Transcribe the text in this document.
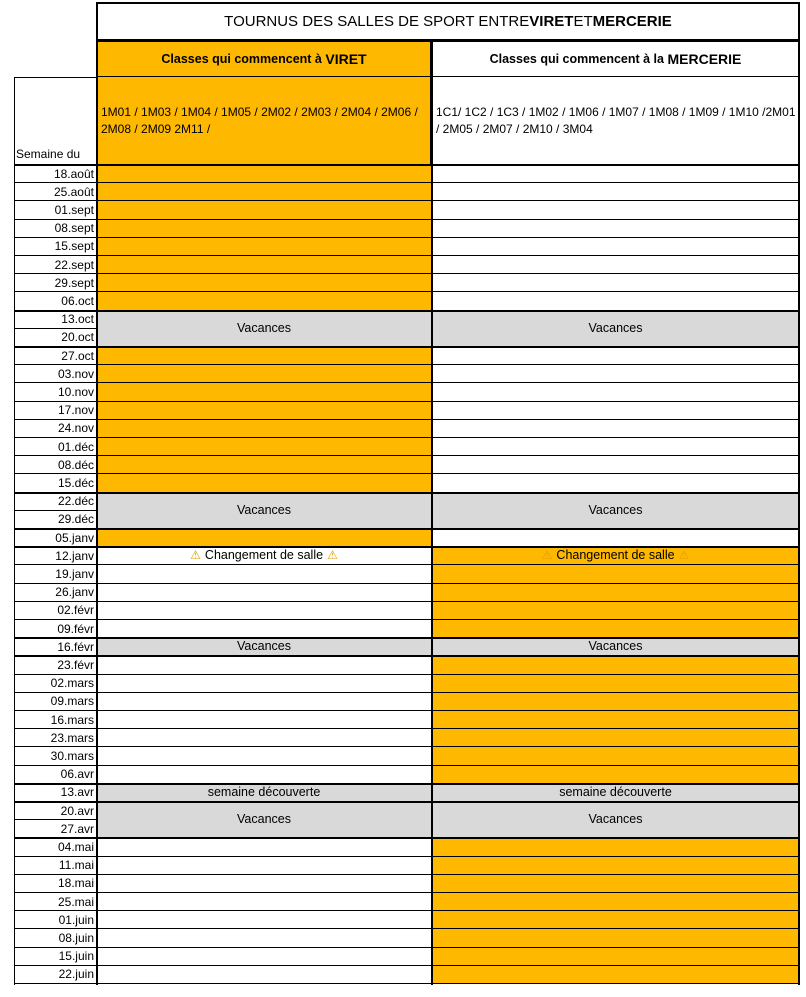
TOURNUS DES SALLES DE SPORT ENTRE VIRET ET MERCERIE
Classes qui commencent à
VIRET	Classes qui commencent à la
MERCERIE
1M01 / 1M03 / 1M04 / 1M05 / 2M02 / 2M03 / 2M04 / 2M06 / 2M08 / 2M09 2M11 /
1C1/ 1C2 / 1C3 / 1M02 / 1M06 / 1M07 / 1M08 / 1M09 / 1M10 /2M01 / 2M05 / 2M07 / 2M10 / 3M04
Semaine du
Vacances
Vacances
⚠ Changement de salle ⚠
Vacances
semaine découverte
Vacances
Vacances
Vacances
⚠ Changement de salle ⚠
Vacances
semaine découverte
Vacances
18.août
25.août
01.sept
08.sept
15.sept
22.sept
29.sept
06.oct
13.oct
20.oct
27.oct
03.nov
10.nov
17.nov
24.nov
01.déc
08.déc
15.déc
22.déc
29.déc
05.janv
12.janv
19.janv
26.janv
02.févr
09.févr
16.févr
23.févr
02.mars
09.mars
16.mars
23.mars
30.mars
06.avr
13.avr
20.avr
27.avr
04.mai
11.mai
18.mai
25.mai
01.juin
08.juin
15.juin
22.juin
